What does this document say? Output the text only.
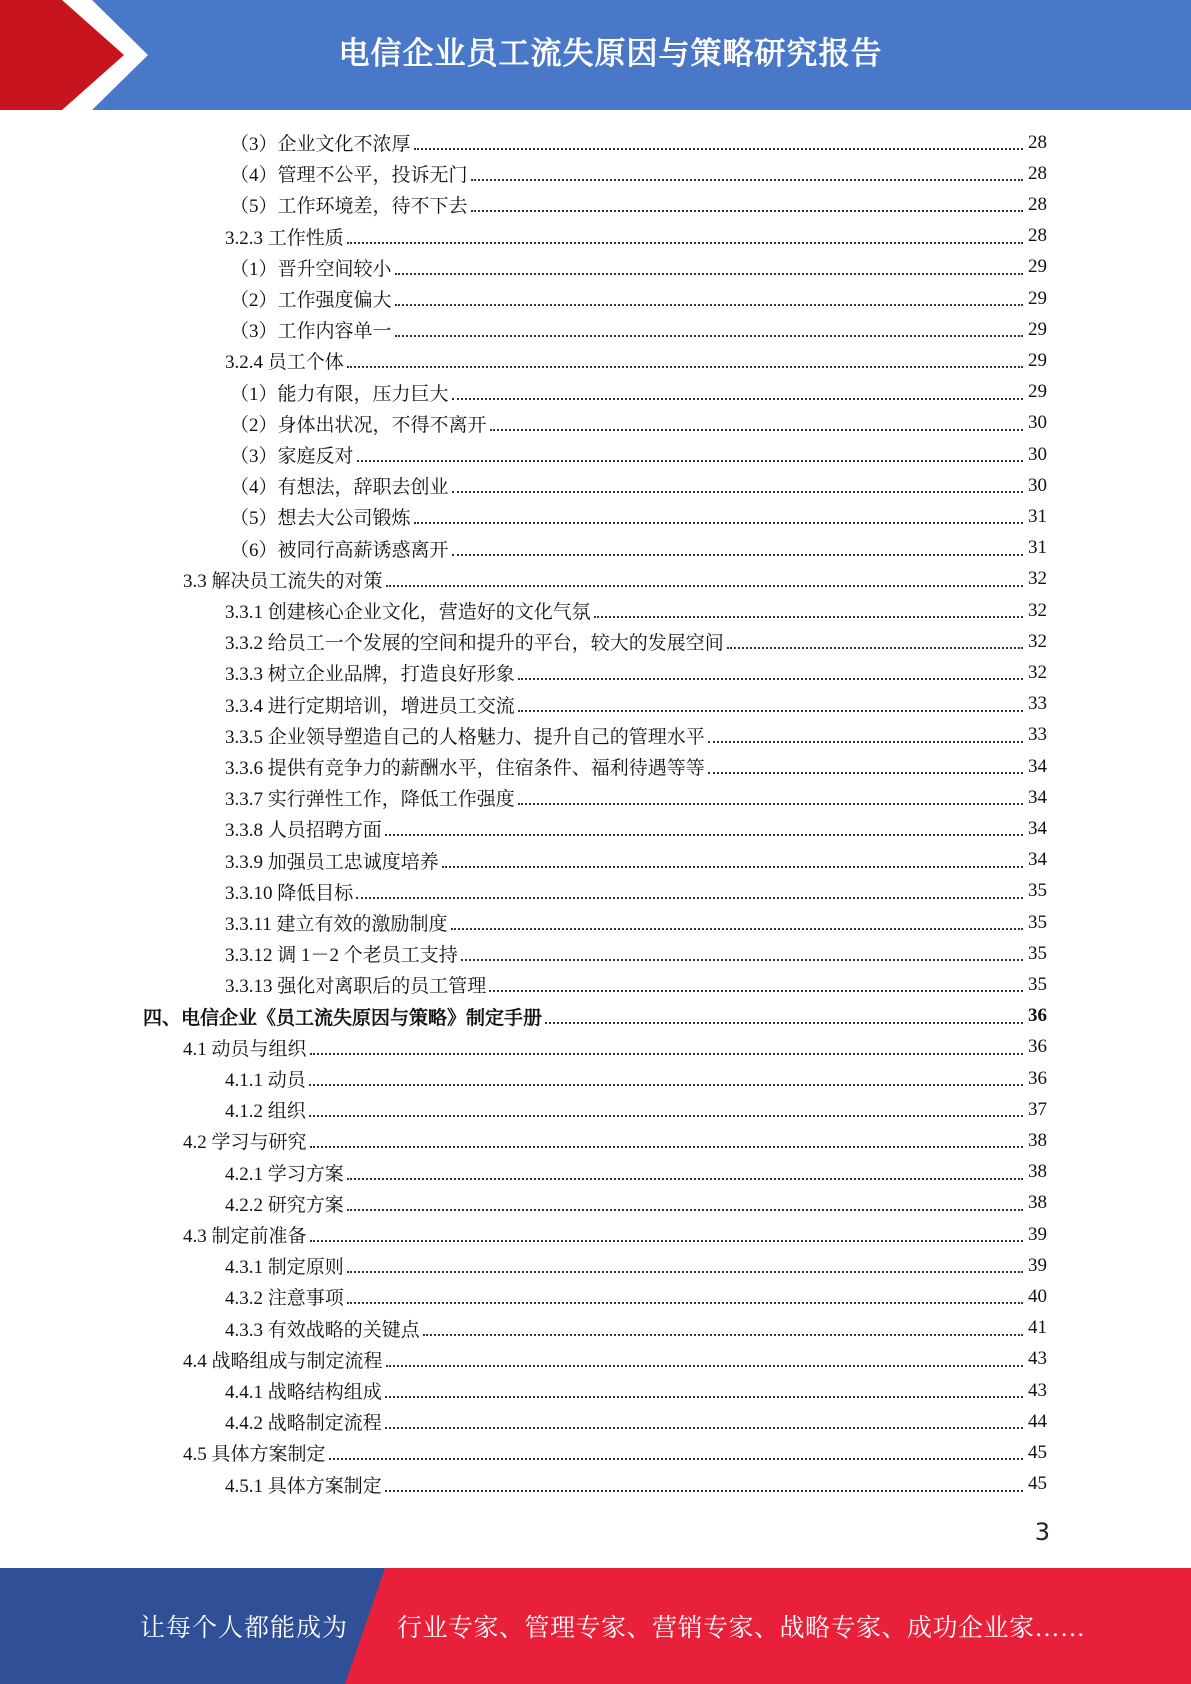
电信企业员工流失原因与策略研究报告
（3）企业文化不浓厚	28
（4）管理不公平，投诉无门	28
（5）工作环境差，待不下去	28
3.2.3 工作性质	28
（1）晋升空间较小	29
（2）工作强度偏大	29
（3）工作内容单一	29
3.2.4 员工个体	29
（1）能力有限，压力巨大	29
（2）身体出状况，不得不离开	30
（3）家庭反对	30
（4）有想法，辞职去创业	30
（5）想去大公司锻炼	31
（6）被同行高薪诱惑离开	31
3.3 解决员工流失的对策	32
3.3.1 创建核心企业文化，营造好的文化气氛	32
3.3.2 给员工一个发展的空间和提升的平台，较大的发展空间	32
3.3.3 树立企业品牌，打造良好形象	32
3.3.4 进行定期培训，增进员工交流	33
3.3.5 企业领导塑造自己的人格魅力、提升自己的管理水平	33
3.3.6 提供有竞争力的薪酬水平，住宿条件、福利待遇等等	34
3.3.7 实行弹性工作，降低工作强度	34
3.3.8 人员招聘方面	34
3.3.9 加强员工忠诚度培养	34
3.3.10 降低目标	35
3.3.11 建立有效的激励制度	35
3.3.12 调 1－2 个老员工支持	35
3.3.13 强化对离职后的员工管理	35
四、电信企业《员工流失原因与策略》制定手册	36
4.1 动员与组织	36
4.1.1 动员	36
4.1.2 组织	37
4.2 学习与研究	38
4.2.1 学习方案	38
4.2.2 研究方案	38
4.3 制定前准备	39
4.3.1 制定原则	39
4.3.2 注意事项	40
4.3.3 有效战略的关键点	41
4.4 战略组成与制定流程	43
4.4.1 战略结构组成	43
4.4.2 战略制定流程	44
4.5 具体方案制定	45
4.5.1 具体方案制定	45
3
让每个人都能成为 行业专家、管理专家、营销专家、战略专家、成功企业家……
